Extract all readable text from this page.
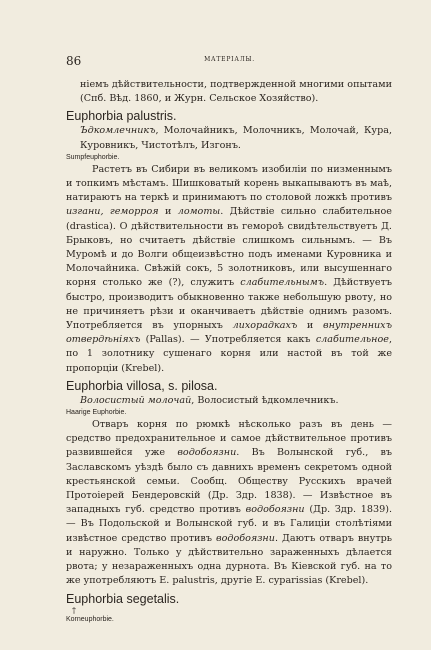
86	МАТЕРІАЛЫ.

ніемъ дѣйствительности, подтвержденной многими опытами (Спб. Вѣд. 1860, и Журн. Сельское Хозяйство).

Euphorbia palustris.

Ъдкомлечникъ, Молочайникъ, Молочникъ, Молочай, Кура, Куровникъ, Чистотѣлъ, Изгонъ.

Sumpfeuphorbie.

Растетъ въ Сибири въ великомъ изобиліи по низменнымъ и топкимъ мѣстамъ. Шишковатый корень выкапываютъ въ маѣ, натираютъ на теркѣ и принимаютъ по столовой ложкѣ противъ изгани, геморроя и ломоты. Дѣйствіе сильно слабительное (drastica). О дѣйствительности въ гемороѣ свидѣтельствуетъ Д. Брыковъ, но считаетъ дѣйствіе слишкомъ сильнымъ. — Въ Муромѣ и до Волги общеизвѣстно подъ именами Куровника и Молочайника. Свѣжій сокъ, 5 золотниковъ, или высушеннаго корня столько же (?), служитъ слабительнымъ. Дѣйствуетъ быстро, производитъ обыкновенно также небольшую рвоту, но не причиняетъ рѣзи и оканчиваетъ дѣйствіе однимъ разомъ. Употребляется въ упорныхъ лихорадкахъ и внутреннихъ отвердѣніяхъ (Pallas). — Употребляется какъ слабительное, по 1 золотнику сушенаго корня или настой въ той же пропорціи (Krebel).

Euphorbia villosa, s. pilosa.

Волосистый молочай, Волосистый ѣдкомлечникъ.

Haarige Euphorbie.

Отваръ корня по рюмкѣ нѣсколько разъ въ день — средство предохранительное и самое дѣйствительное противъ развившейся уже водобоязни. Въ Волынской губ., въ Заславскомъ уѣздѣ было съ давнихъ временъ секретомъ одной крестьянской семьи. Сообщ. Обществу Русскихъ врачей Протоіерей Бендеровскій (Др. Здр. 1838). — Извѣстное въ западныхъ губ. средство противъ водобоязни (Др. Здр. 1839). — Въ Подольской и Волынской губ. и въ Галиціи столѣтіями извѣстное средство противъ водобоязни. Даютъ отваръ внутрь и наружно. Только у дѣйствительно зараженныхъ дѣлается рвота; у незараженныхъ одна дурнота. Въ Кіевской губ. на то же употребляютъ E. palustris, другіе E. cyparissias (Krebel).

Euphorbia segetalis.

†

Korneuphorbie.
